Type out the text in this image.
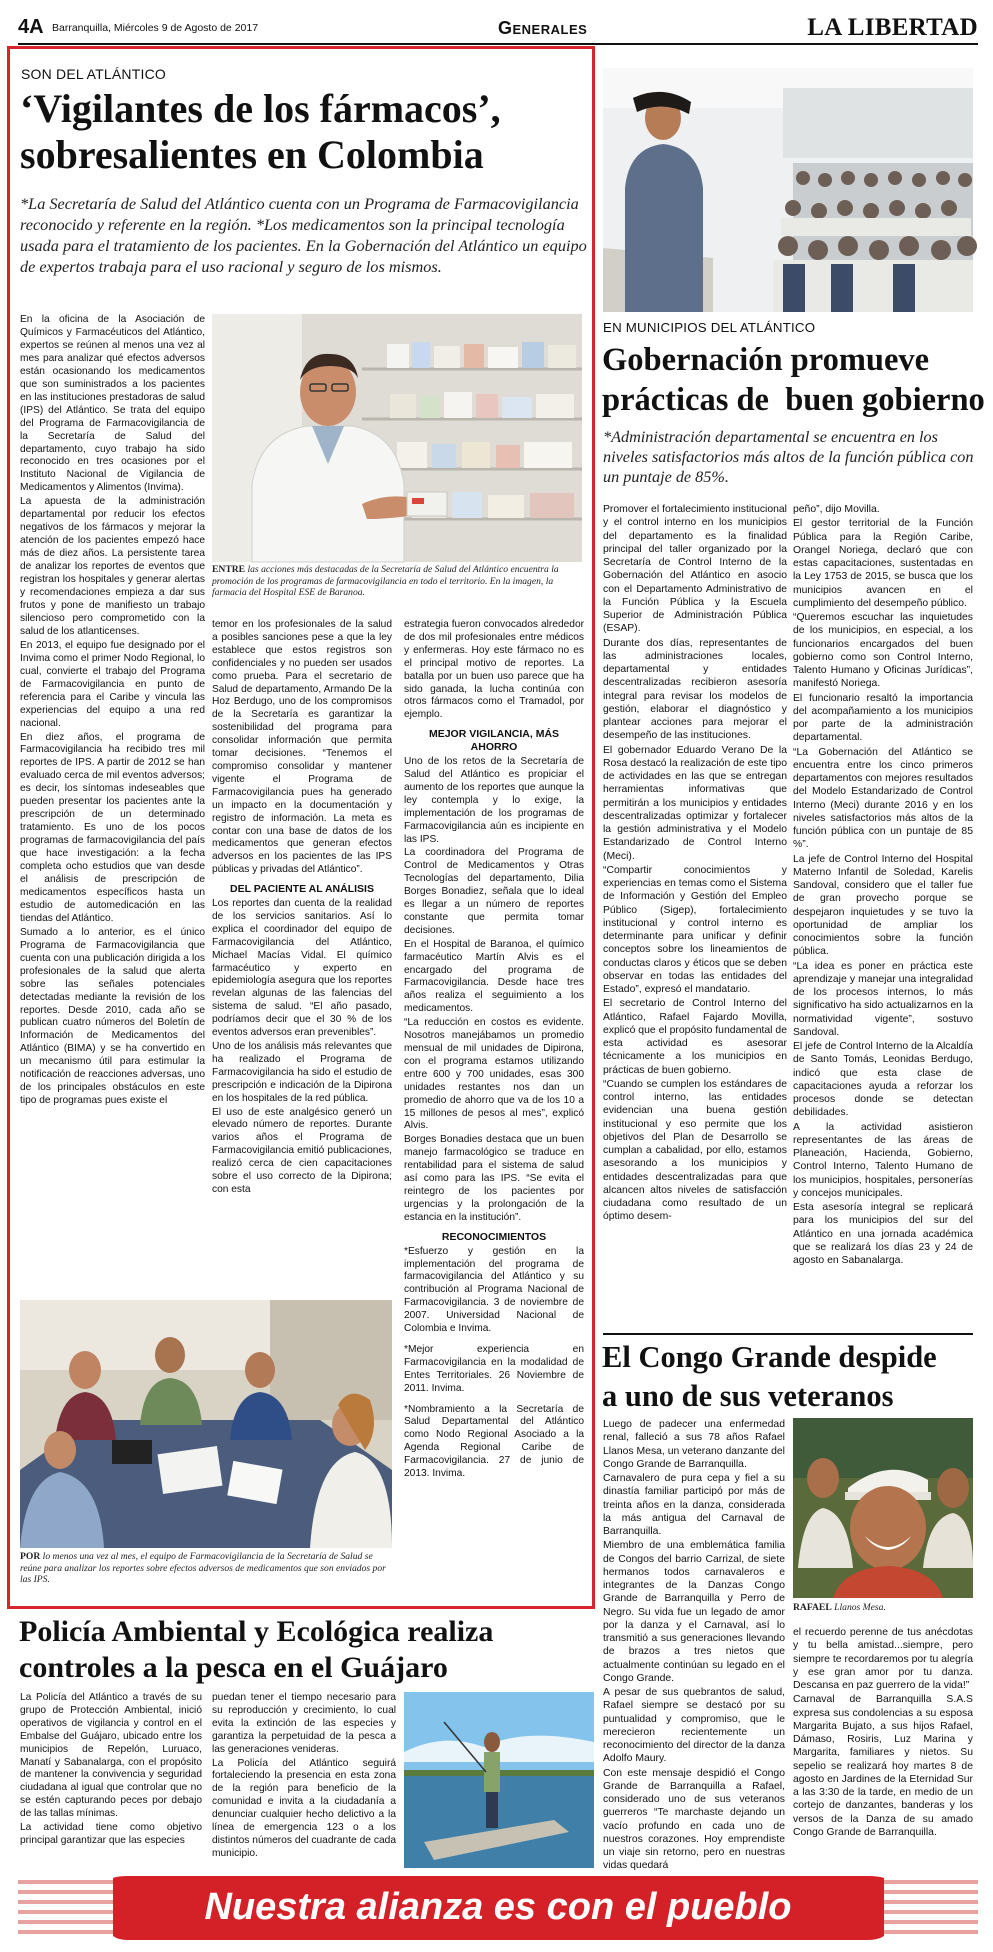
4A Barranquilla, Miércoles 9 de Agosto de 2017	Generales	LA LIBERTAD
SON DEL ATLÁNTICO
‘Vigilantes de los fármacos’,
sobresalientes en Colombia
*La Secretaría de Salud del Atlántico cuenta con un Programa de Farmacovigilancia reconocido y referente en la región. *Los medicamentos son la principal tecnología usada para el tratamiento de los pacientes. En la Gobernación del Atlántico un equipo de expertos trabaja para el uso racional y seguro de los mismos.

En la oficina de la Asociación de Químicos y Farmacéuticos del Atlántico, expertos se reúnen al menos una vez al mes para analizar qué efectos adversos están ocasionando los medicamentos que son suministrados a los pacientes en las instituciones prestadoras de salud (IPS) del Atlántico. Se trata del equipo del Programa de Farmacovigilancia de la Secretaría de Salud del departamento, cuyo trabajo ha sido reconocido en tres ocasiones por el Instituto Nacional de Vigilancia de Medicamentos y Alimentos (Invima).

La apuesta de la administración departamental por reducir los efectos negativos de los fármacos y mejorar la atención de los pacientes empezó hace más de diez años. La persistente tarea de analizar los reportes de eventos que registran los hospitales y generar alertas y recomendaciones empieza a dar sus frutos y pone de manifiesto un trabajo silencioso pero comprometido con la salud de los atlanticenses.

En 2013, el equipo fue designado por el Invima como el primer Nodo Regional, lo cual, convierte el trabajo del Programa de Farmacovigilancia en punto de referencia para el Caribe y vincula las experiencias del equipo a una red nacional.

En diez años, el programa de Farmacovigilancia ha recibido tres mil reportes de IPS. A partir de 2012 se han evaluado cerca de mil eventos adversos; es decir, los síntomas indeseables que pueden presentar los pacientes ante la prescripción de un determinado tratamiento. Es uno de los pocos programas de farmacovigilancia del país que hace investigación: a la fecha completa ocho estudios que van desde el análisis de prescripción de medicamentos específicos hasta un estudio de automedicación en las tiendas del Atlántico.

Sumado a lo anterior, es el único Programa de Farmacovigilancia que cuenta con una publicación dirigida a los profesionales de la salud que alerta sobre las señales potenciales detectadas mediante la revisión de los reportes. Desde 2010, cada año se publican cuatro números del Boletín de Información de Medicamentos del Atlántico (BIMA) y se ha convertido en un mecanismo útil para estimular la notificación de reacciones adversas, uno de los principales obstáculos en este tipo de programas pues existe el

ENTRE las acciones más destacadas de la Secretaría de Salud del Atlántico encuentra la promoción de los programas de farmacovigilancia en todo el territorio. En la imagen, la farmacia del Hospital ESE de Baranoa.

temor en los profesionales de la salud a posibles sanciones pese a que la ley establece que estos registros son confidenciales y no pueden ser usados como prueba. Para el secretario de Salud de departamento, Armando De la Hoz Berdugo, uno de los compromisos de la Secretaría es garantizar la sostenibilidad del programa para consolidar información que permita tomar decisiones. “Tenemos el compromiso consolidar y mantener vigente el Programa de Farmacovigilancia pues ha generado un impacto en la documentación y registro de información. La meta es contar con una base de datos de los medicamentos que generan efectos adversos en los pacientes de las IPS públicas y privadas del Atlántico”.

DEL PACIENTE AL ANÁLISIS

Los reportes dan cuenta de la realidad de los servicios sanitarios. Así lo explica el coordinador del equipo de Farmacovigilancia del Atlántico, Michael Macías Vidal. El químico farmacéutico y experto en epidemiología asegura que los reportes revelan algunas de las falencias del sistema de salud. “El año pasado, podríamos decir que el 30 % de los eventos adversos eran prevenibles”.

Uno de los análisis más relevantes que ha realizado el Programa de Farmacovigilancia ha sido el estudio de prescripción e indicación de la Dipirona en los hospitales de la red pública.

El uso de este analgésico generó un elevado número de reportes. Durante varios años el Programa de Farmacovigilancia emitió publicaciones, realizó cerca de cien capacitaciones sobre el uso correcto de la Dipirona; con esta

estrategia fueron convocados alrededor de dos mil profesionales entre médicos y enfermeras. Hoy este fármaco no es el principal motivo de reportes. La batalla por un buen uso parece que ha sido ganada, la lucha continúa con otros fármacos como el Tramadol, por ejemplo.

MEJOR VIGILANCIA, MÁS AHORRO

Uno de los retos de la Secretaría de Salud del Atlántico es propiciar el aumento de los reportes que aunque la ley contempla y lo exige, la implementación de los programas de Farmacovigilancia aún es incipiente en las IPS.

La coordinadora del Programa de Control de Medicamentos y Otras Tecnologías del departamento, Dilia Borges Bonadiez, señala que lo ideal es llegar a un número de reportes constante que permita tomar decisiones.

En el Hospital de Baranoa, el químico farmacéutico Martín Alvis es el encargado del programa de Farmacovigilancia. Desde hace tres años realiza el seguimiento a los medicamentos.

“La reducción en costos es evidente. Nosotros manejábamos un promedio mensual de mil unidades de Dipirona, con el programa estamos utilizando entre 600 y 700 unidades, esas 300 unidades restantes nos dan un promedio de ahorro que va de los 10 a 15 millones de pesos al mes”, explicó Alvis.

Borges Bonadies destaca que un buen manejo farmacológico se traduce en rentabilidad para el sistema de salud así como para las IPS. “Se evita el reintegro de los pacientes por urgencias y la prolongación de la estancia en la institución”.

RECONOCIMIENTOS

*Esfuerzo y gestión en la implementación del programa de farmacovigilancia del Atlántico y su contribución al Programa Nacional de Farmacovigilancia. 3 de noviembre de 2007. Universidad Nacional de Colombia e Invima.

*Mejor experiencia en Farmacovigilancia en la modalidad de Entes Territoriales. 26 Noviembre de 2011. Invima.

*Nombramiento a la Secretaría de Salud Departamental del Atlántico como Nodo Regional Asociado a la Agenda Regional Caribe de Farmacovigilancia. 27 de junio de 2013. Invima.

POR lo menos una vez al mes, el equipo de Farmacovigilancia de la Secretaría de Salud se reúne para analizar los reportes sobre efectos adversos de medicamentos que son enviados por las IPS.
EN MUNICIPIOS DEL ATLÁNTICO
Gobernación promueve
prácticas de  buen gobierno
*Administración departamental se encuentra en los niveles satisfactorios más altos de la función pública con un puntaje de 85%.

Promover el fortalecimiento institucional y el control interno en los municipios del departamento es la finalidad principal del taller organizado por la Secretaría de Control Interno de la Gobernación del Atlántico en asocio con el Departamento Administrativo de la Función Pública y la Escuela Superior de Administración Pública (ESAP).

Durante dos días, representantes de las administraciones locales, departamental y entidades descentralizadas recibieron asesoría integral para revisar los modelos de gestión, elaborar el diagnóstico y plantear acciones para mejorar el desempeño de las instituciones.

El gobernador Eduardo Verano De la Rosa destacó la realización de este tipo de actividades en las que se entregan herramientas informativas que permitirán a los municipios y entidades descentralizadas optimizar y fortalecer la gestión administrativa y el Modelo Estandarizado de Control Interno (Meci).

“Compartir conocimientos y experiencias en temas como el Sistema de Información y Gestión del Empleo Público (Sigep), fortalecimiento institucional y control interno es determinante para unificar y definir conceptos sobre los lineamientos de conductas claros y éticos que se deben observar en todas las entidades del Estado”, expresó el mandatario.

El secretario de Control Interno del Atlántico, Rafael Fajardo Movilla, explicó que el propósito fundamental de esta actividad es asesorar técnicamente a los municipios en prácticas de buen gobierno.

“Cuando se cumplen los estándares de control interno, las entidades evidencian una buena gestión institucional y eso permite que los objetivos del Plan de Desarrollo se cumplan a cabalidad, por ello, estamos asesorando a los municipios y entidades descentralizadas para que alcancen altos niveles de satisfacción ciudadana como resultado de un óptimo desem-

peño”, dijo Movilla.

El gestor territorial de la Función Pública para la Región Caribe, Orangel Noriega, declaró que con estas capacitaciones, sustentadas en la Ley 1753 de 2015, se busca que los municipios avancen en el cumplimiento del desempeño público.

“Queremos escuchar las inquietudes de los municipios, en especial, a los funcionarios encargados del buen gobierno como son Control Interno, Talento Humano y Oficinas Jurídicas”, manifestó Noriega.

El funcionario resaltó la importancia del acompañamiento a los municipios por parte de la administración departamental.

“La Gobernación del Atlántico se encuentra entre los cinco primeros departamentos con mejores resultados del Modelo Estandarizado de Control Interno (Meci) durante 2016 y en los niveles satisfactorios más altos de la función pública con un puntaje de 85 %”.

La jefe de Control Interno del Hospital Materno Infantil de Soledad, Karelis Sandoval, considero que el taller fue de gran provecho porque se despejaron inquietudes y se tuvo la oportunidad de ampliar los conocimientos sobre la función pública.

“La idea es poner en práctica este aprendizaje y manejar una integralidad de los procesos internos, lo más significativo ha sido actualizarnos en la normatividad vigente”, sostuvo Sandoval.

El jefe de Control Interno de la Alcaldía de Santo Tomás, Leonidas Berdugo, indicó que esta clase de capacitaciones ayuda a reforzar los procesos donde se detectan debilidades.

A la actividad asistieron representantes de las áreas de Planeación, Hacienda, Gobierno, Control Interno, Talento Humano de los municipios, hospitales, personerías y concejos municipales.

Esta asesoría integral se replicará para los municipios del sur del Atlántico en una jornada académica que se realizará los días 23 y 24 de agosto en Sabanalarga.

El Congo Grande despide
a uno de sus veteranos

Luego de padecer una enfermedad renal, falleció a sus 78 años Rafael Llanos Mesa, un veterano danzante del Congo Grande de Barranquilla.

Carnavalero de pura cepa y fiel a su dinastía familiar participó por más de treinta años en la danza, considerada la más antigua del Carnaval de Barranquilla.

Miembro de una emblemática familia de Congos del barrio Carrizal, de siete hermanos todos carnavaleros e integrantes de la Danzas Congo Grande de Barranquilla y Perro de Negro. Su vida fue un legado de amor por la danza y el Carnaval, así lo transmitió a sus generaciones llevando de brazos a tres nietos que actualmente continúan su legado en el Congo Grande.

A pesar de sus quebrantos de salud, Rafael siempre se destacó por su puntualidad y compromiso, que le merecieron recientemente un reconocimiento del director de la danza Adolfo Maury.

Con este mensaje despidió el Congo Grande de Barranquilla a Rafael, considerado uno de sus veteranos guerreros “Te marchaste dejando un vacío profundo en cada uno de nuestros corazones. Hoy emprendiste un viaje sin retorno, pero en nuestras vidas quedará

RAFAEL Llanos Mesa.

el recuerdo perenne de tus anécdotas y tu bella amistad...siempre, pero siempre te recordaremos por tu alegría y ese gran amor por tu danza. Descansa en paz guerrero de la vida!”

Carnaval de Barranquilla S.A.S expresa sus condolencias a su esposa Margarita Bujato, a sus hijos Rafael, Dámaso, Rosiris, Luz Marina y Margarita, familiares y nietos. Su sepelio se realizará hoy martes 8 de agosto en Jardines de la Eternidad Sur a las 3:30 de la tarde, en medio de un cortejo de danzantes, banderas y los versos de la Danza de su amado Congo Grande de Barranquilla.

Policía Ambiental y Ecológica realiza
controles a la pesca en el Guájaro

La Policía del Atlántico a través de su grupo de Protección Ambiental, inició operativos de vigilancia y control en el Embalse del Guájaro, ubicado entre los municipios de Repelón, Luruaco, Manatí y Sabanalarga, con el propósito de mantener la convivencia y seguridad ciudadana al igual que controlar que no se estén capturando peces por debajo de las tallas mínimas.

La actividad tiene como objetivo principal garantizar que las especies

puedan tener el tiempo necesario para su reproducción y crecimiento, lo cual evita la extinción de las especies y garantiza la perpetuidad de la pesca a las generaciones venideras.

La Policía del Atlántico seguirá fortaleciendo la presencia en esta zona de la región para beneficio de la comunidad e invita a la ciudadanía a denunciar cualquier hecho delictivo a la línea de emergencia 123 o a los distintos números del cuadrante de cada municipio.

Nuestra alianza es con el pueblo
